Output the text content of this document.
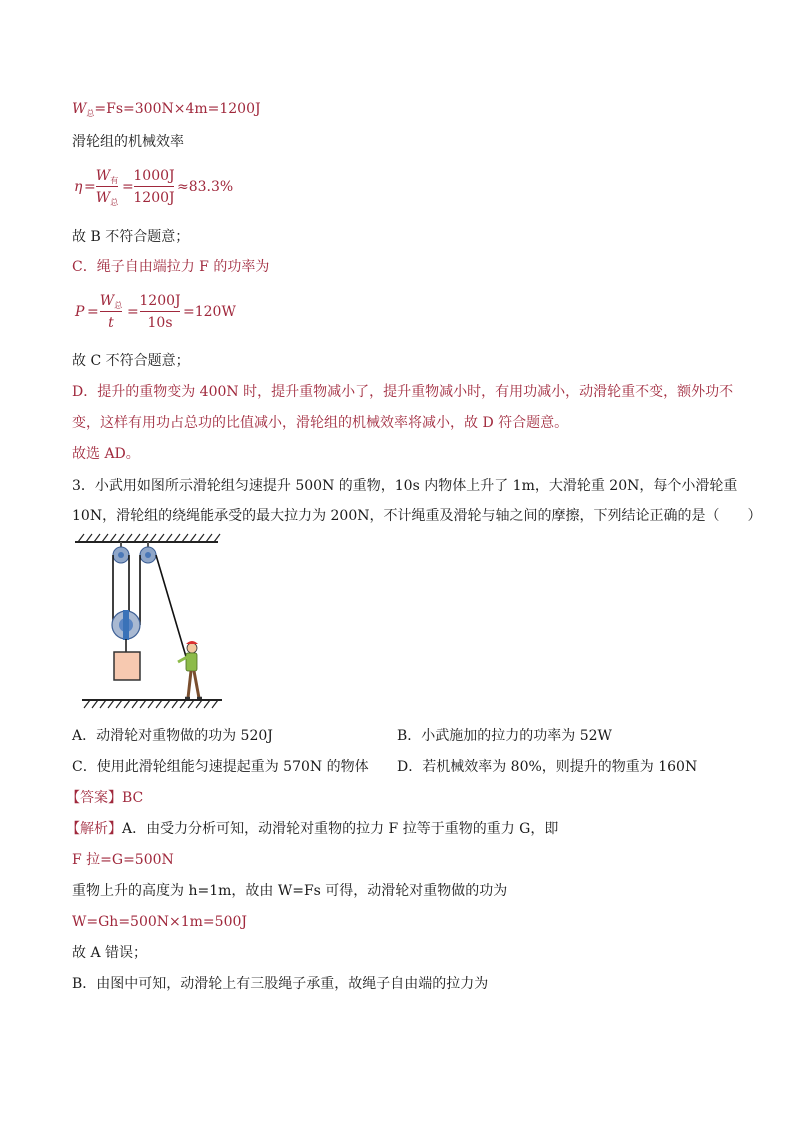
$W_总=Fs=300N\times 4m=1200J$
滑轮组的机械效率
η =
$W_有$
$W_总$
=
1000J
1200J
≈83.3%
故 B 不符合题意；
C．绳子自由端拉力 F 的功率为
P =
$W_总$
t
=
1200J
10s
=120W
故 C 不符合题意；
D．提升的重物变为 400N 时，提升重物减小了，提升重物减小时，有用功减小，动滑轮重不变，额外功不
变，这样有用功占总功的比值减小，滑轮组的机械效率将减小，故 D 符合题意。
故选 AD。
3．小武用如图所示滑轮组匀速提升 500N 的重物，10s 内物体上升了 1m，大滑轮重 20N，每个小滑轮重
10N，滑轮组的绕绳能承受的最大拉力为 200N，不计绳重及滑轮与轴之间的摩擦，下列结论正确的是（　　）
A．动滑轮对重物做的功为 520J	B．小武施加的拉力的功率为 52W
C．使用此滑轮组能匀速提起重为 570N 的物体 D．若机械效率为 80%，则提升的物重为 160N
【答案】BC
【解析】A．由受力分析可知，动滑轮对重物的拉力 F 拉等于重物的重力 G，即
F 拉=G=500N
重物上升的高度为 h=1m，故由 W=Fs 可得，动滑轮对重物做的功为
W=Gh=500N×1m=500J
故 A 错误；
B．由图中可知，动滑轮上有三股绳子承重，故绳子自由端的拉力为
